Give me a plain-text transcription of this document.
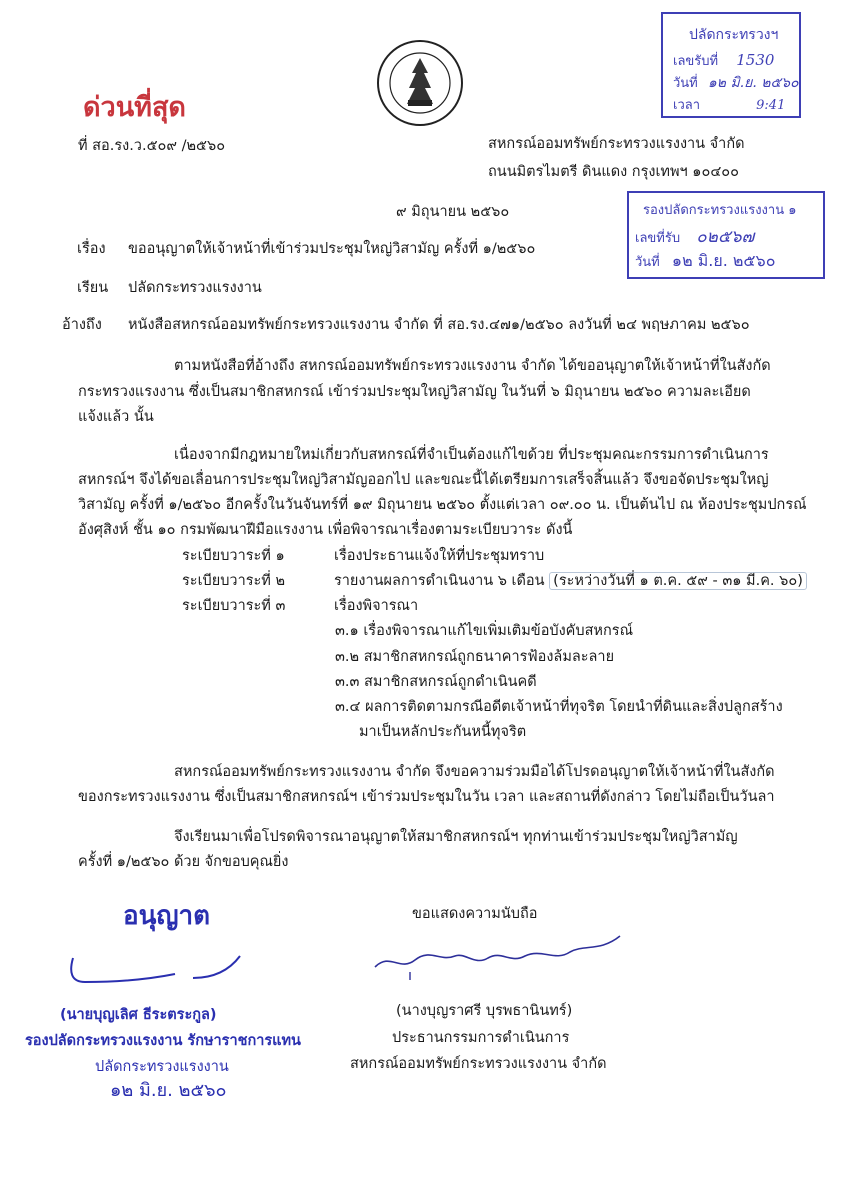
ด่วนที่สุด
ที่ สอ.รง.ว.๕๐๙ /๒๕๖๐	สหกรณ์ออมทรัพย์กระทรวงแรงงาน จำกัด
ถนนมิตรไมตรี ดินแดง กรุงเทพฯ ๑๐๔๐๐
ปลัดกระทรวงฯ
เลขรับที่ 1530
วันที่ ๑๒ มิ.ย. ๒๕๖๐
เวลา	9:41
รองปลัดกระทรวงแรงงาน ๑
เลขที่รับ ๐๒๕๖๗
วันที่ ๑๒ มิ.ย. ๒๕๖๐
๙ มิถุนายน ๒๕๖๐
เรื่อง ขออนุญาตให้เจ้าหน้าที่เข้าร่วมประชุมใหญ่วิสามัญ ครั้งที่ ๑/๒๕๖๐
เรียน ปลัดกระทรวงแรงงาน
อ้างถึง หนังสือสหกรณ์ออมทรัพย์กระทรวงแรงงาน จำกัด ที่ สอ.รง.๔๗๑/๒๕๖๐ ลงวันที่ ๒๔ พฤษภาคม ๒๕๖๐
ตามหนังสือที่อ้างถึง สหกรณ์ออมทรัพย์กระทรวงแรงงาน จำกัด ได้ขออนุญาตให้เจ้าหน้าที่ในสังกัด
กระทรวงแรงงาน ซึ่งเป็นสมาชิกสหกรณ์ เข้าร่วมประชุมใหญ่วิสามัญ ในวันที่ ๖ มิถุนายน ๒๕๖๐ ความละเอียด
แจ้งแล้ว นั้น
เนื่องจากมีกฎหมายใหม่เกี่ยวกับสหกรณ์ที่จำเป็นต้องแก้ไขด้วย ที่ประชุมคณะกรรมการดำเนินการ
สหกรณ์ฯ จึงได้ขอเลื่อนการประชุมใหญ่วิสามัญออกไป และขณะนี้ได้เตรียมการเสร็จสิ้นแล้ว จึงขอจัดประชุมใหญ่
วิสามัญ ครั้งที่ ๑/๒๕๖๐ อีกครั้งในวันจันทร์ที่ ๑๙ มิถุนายน ๒๕๖๐ ตั้งแต่เวลา ๐๙.๐๐ น. เป็นต้นไป ณ ห้องประชุมปกรณ์
อังศุสิงห์ ชั้น ๑๐ กรมพัฒนาฝีมือแรงงาน เพื่อพิจารณาเรื่องตามระเบียบวาระ ดังนี้
ระเบียบวาระที่ ๑	เรื่องประธานแจ้งให้ที่ประชุมทราบ
ระเบียบวาระที่ ๒	รายงานผลการดำเนินงาน ๖ เดือน (ระหว่างวันที่ ๑ ต.ค. ๕๙ - ๓๑ มี.ค. ๖๐)
ระเบียบวาระที่ ๓	เรื่องพิจารณา
๓.๑ เรื่องพิจารณาแก้ไขเพิ่มเติมข้อบังคับสหกรณ์
๓.๒ สมาชิกสหกรณ์ถูกธนาคารฟ้องล้มละลาย
๓.๓ สมาชิกสหกรณ์ถูกดำเนินคดี
๓.๔ ผลการติดตามกรณีอดีตเจ้าหน้าที่ทุจริต โดยนำที่ดินและสิ่งปลูกสร้าง
มาเป็นหลักประกันหนี้ทุจริต
สหกรณ์ออมทรัพย์กระทรวงแรงงาน จำกัด จึงขอความร่วมมือได้โปรดอนุญาตให้เจ้าหน้าที่ในสังกัด
ของกระทรวงแรงงาน ซึ่งเป็นสมาชิกสหกรณ์ฯ เข้าร่วมประชุมในวัน เวลา และสถานที่ดังกล่าว โดยไม่ถือเป็นวันลา
จึงเรียนมาเพื่อโปรดพิจารณาอนุญาตให้สมาชิกสหกรณ์ฯ ทุกท่านเข้าร่วมประชุมใหญ่วิสามัญ
ครั้งที่ ๑/๒๕๖๐ ด้วย จักขอบคุณยิ่ง
ขอแสดงความนับถือ
(นางบุญราศรี บุรพธานินทร์)
ประธานกรรมการดำเนินการ
สหกรณ์ออมทรัพย์กระทรวงแรงงาน จำกัด
อนุญาต
(นายบุญเลิศ ธีระตระกูล)
รองปลัดกระทรวงแรงงาน รักษาราชการแทน
ปลัดกระทรวงแรงงาน
๑๒ มิ.ย. ๒๕๖๐
